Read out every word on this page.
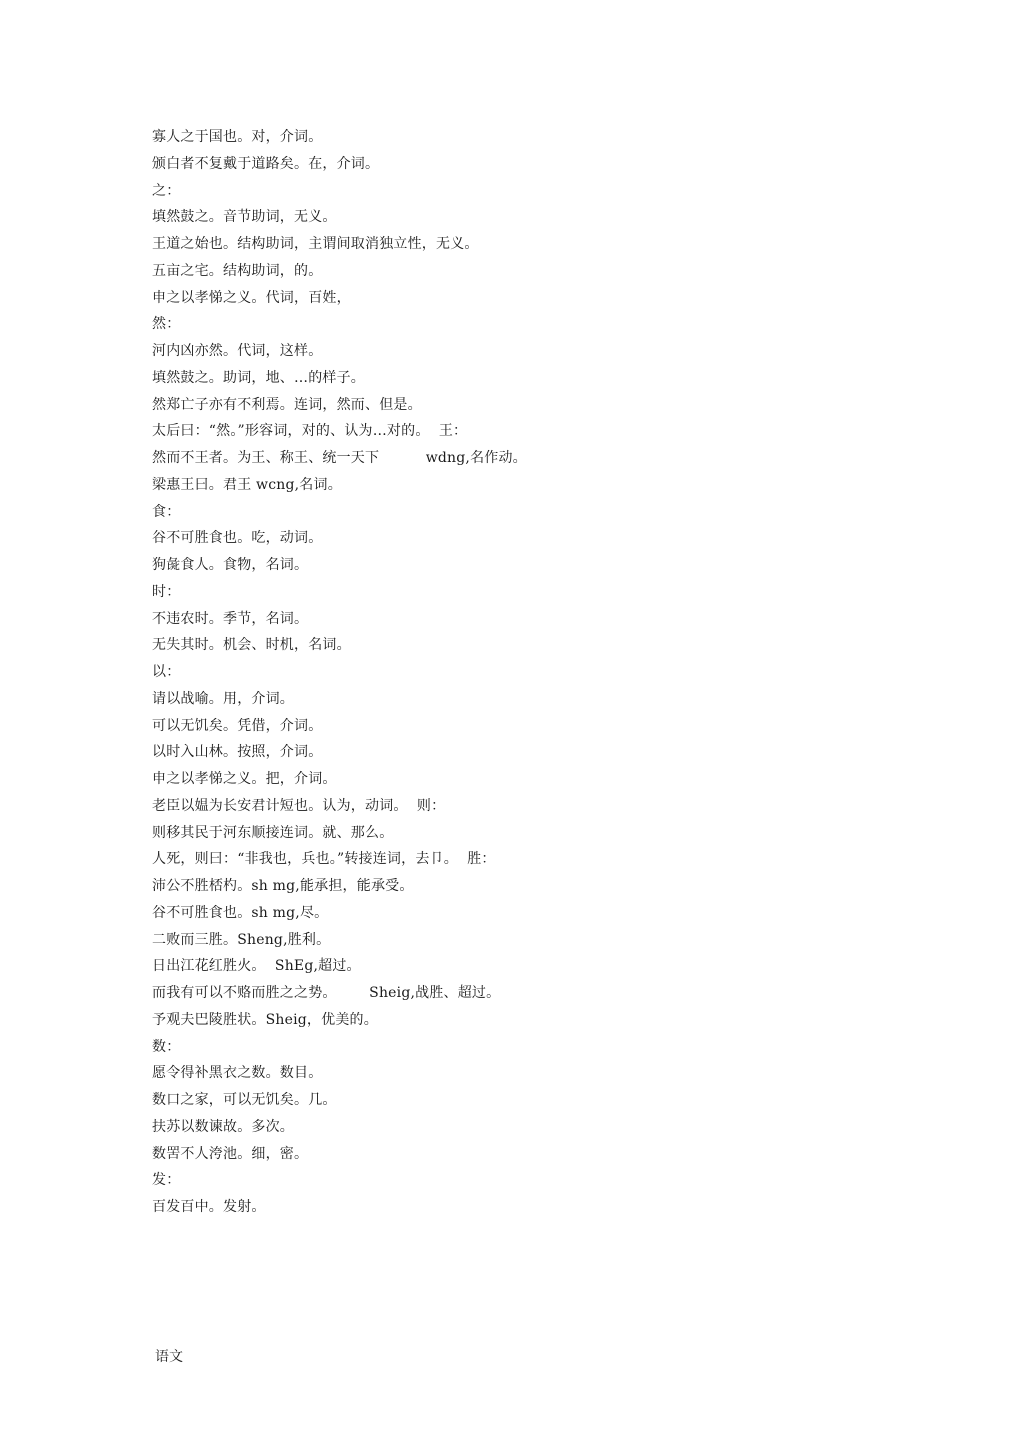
寡人之于国也。对，介词。
颁白者不复戴于道路矣。在，介词。
之：
填然鼓之。音节助词，无义。
王道之始也。结构助词，主谓间取消独立性，无义。
五亩之宅。结构助词，的。
申之以孝悌之义。代词，百姓，
然：
河内凶亦然。代词，这样。
填然鼓之。助词，地、…的样子。
然郑亡子亦有不利焉。连词，然而、但是。
太后曰：“然。”形容词，对的、认为…对的。  王：
然而不王者。为王、称王、统一天下          wdng,名作动。
梁惠王曰。君王 wcng,名词。
食：
谷不可胜食也。吃，动词。
狗彘食人。食物，名词。
时：
不违农时。季节，名词。
无失其时。机会、时机，名词。
以：
请以战喻。用，介词。
可以无饥矣。凭借，介词。
以时入山林。按照，介词。
申之以孝悌之义。把，介词。
老臣以媪为长安君计短也。认为，动词。  则：
则移其民于河东顺接连词。就、那么。
人死，则曰：“非我也，兵也。”转接连词，去卩。  胜：
沛公不胜桮杓。sh mg,能承担，能承受。
谷不可胜食也。sh mg,尽。
二败而三胜。Sheng,胜利。
日出江花红胜火。  ShEg,超过。
而我有可以不赂而胜之之势。       Sheig,战胜、超过。
予观夫巴陵胜状。Sheig，优美的。
数：
愿令得补黑衣之数。数目。
数口之家，可以无饥矣。几。
扶苏以数谏故。多次。
数罟不人洿池。细，密。
发：
百发百中。发射。
语文
